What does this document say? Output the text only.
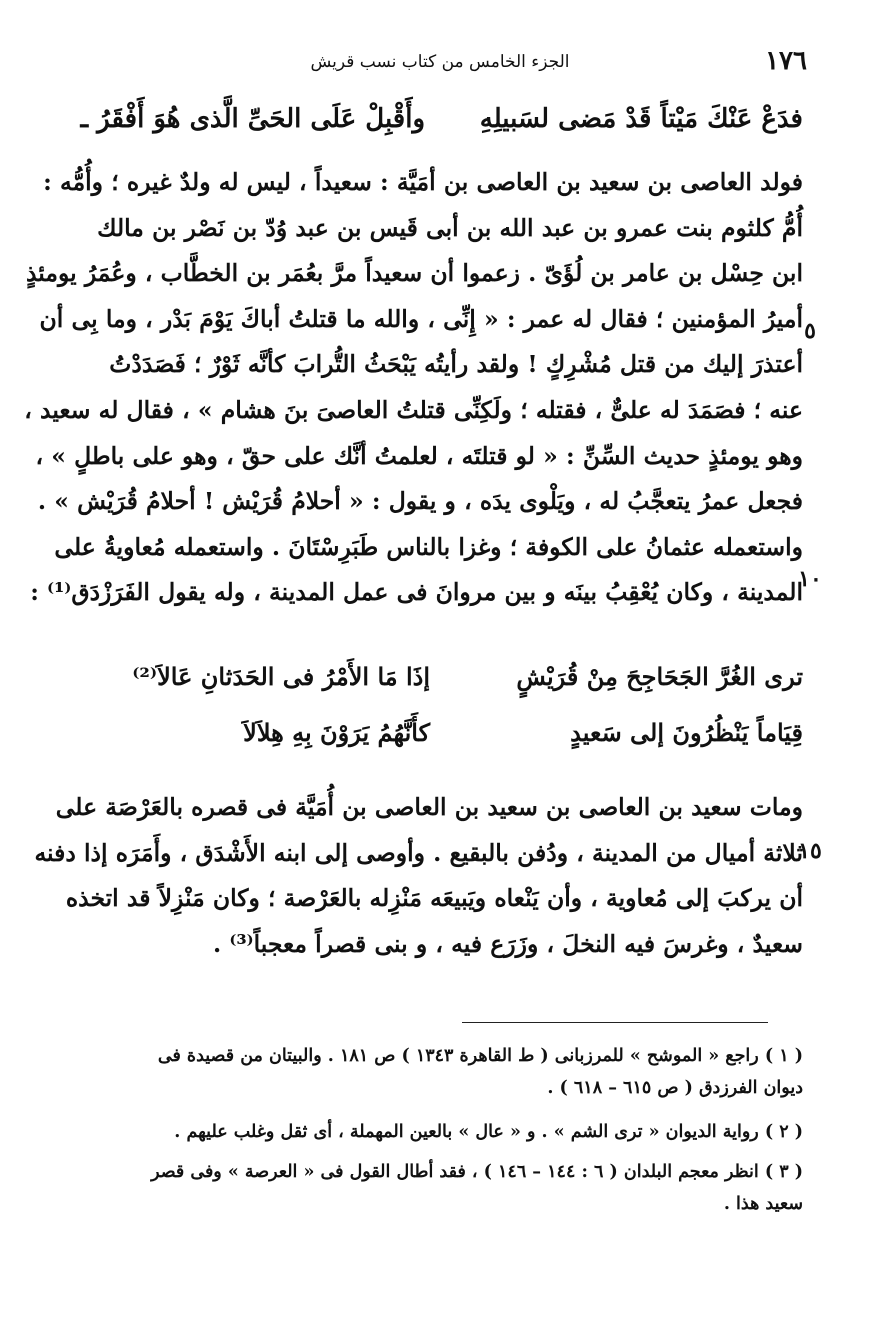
١٧٦
الجزء الخامس من كتاب نسب قريش
فدَعْ عَنْكَ مَيْتاً قَدْ مَضى لسَبيلِهِ
وأَقْبِلْ عَلَى الحَىِّ الَّذى هُوَ أَفْقَرُ ـ
فولد العاصى بن سعيد بن العاصى بن أمَيَّة : سعيداً ، ليس له ولدٌ غيره ؛ وأُمُّه :
أُمُّ كلثوم بنت عمرو بن عبد الله بن أبى قَيس بن عبد وُدّ بن نَصْر بن مالك
ابن حِسْل بن عامر بن لُؤَىّ . زعموا أن سعيداً مرَّ بعُمَر بن الخطَّاب ، وعُمَرُ يومئذٍ
أميرُ المؤمنين ؛ فقال له عمر : « إِنِّى ، والله ما قتلتُ أباكَ يَوْمَ بَدْر ، وما بِى أن
أعتذرَ إليك من قتل مُشْرِكٍ ! ولقد رأيتُه يَبْحَثُ التُّرابَ كأنَّه ثَوْرٌ ؛ فَصَدَدْتُ
عنه ؛ فصَمَدَ له علىٌّ ، فقتله ؛ ولَكِنِّى قتلتُ العاصىَ بنَ هشام » ، فقال له سعيد ،
وهو يومئذٍ حديث السِّنِّ : « لو قتلتَه ، لعلمتُ أنَّك على حقّ ، وهو على باطلٍ » ،
فجعل عمرُ يتعجَّبُ له ، ويَلْوى يدَه ، و يقول : « أحلامُ قُرَيْش ! أحلامُ قُرَيْش » .
واستعمله عثمانُ على الكوفة ؛ وغزا بالناس طَبَرِسْتَانَ . واستعمله مُعاويةُ على
المدينة ، وكان يُعْقِبُ بينَه و بين مروانَ فى عمل المدينة ، وله يقول الفَرَزْدَق⁽¹⁾ :
ترى الغُرَّ الجَحَاجِحَ مِنْ قُرَيْشٍ
إذَا مَا الأَمْرُ فى الحَدَثانِ عَالاَ⁽²⁾
قِيَاماً يَنْظُرُونَ إلى سَعيدٍ
كأَنَّهُمُ يَرَوْنَ بِهِ هِلاَلاَ
ومات سعيد بن العاصى بن سعيد بن العاصى بن أُمَيَّة فى قصره بالعَرْصَة على
ثلاثة أميال من المدينة ، ودُفن بالبقيع . وأوصى إلى ابنه الأَشْدَق ، وأَمَرَه إذا دفنه
أن يركبَ إلى مُعاوية ، وأن يَنْعاه ويَبيعَه مَنْزِله بالعَرْصة ؛ وكان مَنْزِلاً قد اتخذه
سعيدٌ ، وغرسَ فيه النخلَ ، وزَرَع فيه ، و بنى قصراً معجباً⁽³⁾ .
٥
١٠
١٥
( ١ ) راجع « الموشح » للمرزبانى ( ط القاهرة ١٣٤٣ ) ص ١٨١ . والبيتان من قصيدة فى
ديوان الفرزدق ( ص ٦١٥ – ٦١٨ ) .
( ٢ ) رواية الديوان « ترى الشم » . و « عال » بالعين المهملة ، أى ثقل وغلب عليهم .
( ٣ ) انظر معجم البلدان ( ٦ : ١٤٤ – ١٤٦ ) ، فقد أطال القول فى « العرصة » وفى قصر
سعيد هذا .
